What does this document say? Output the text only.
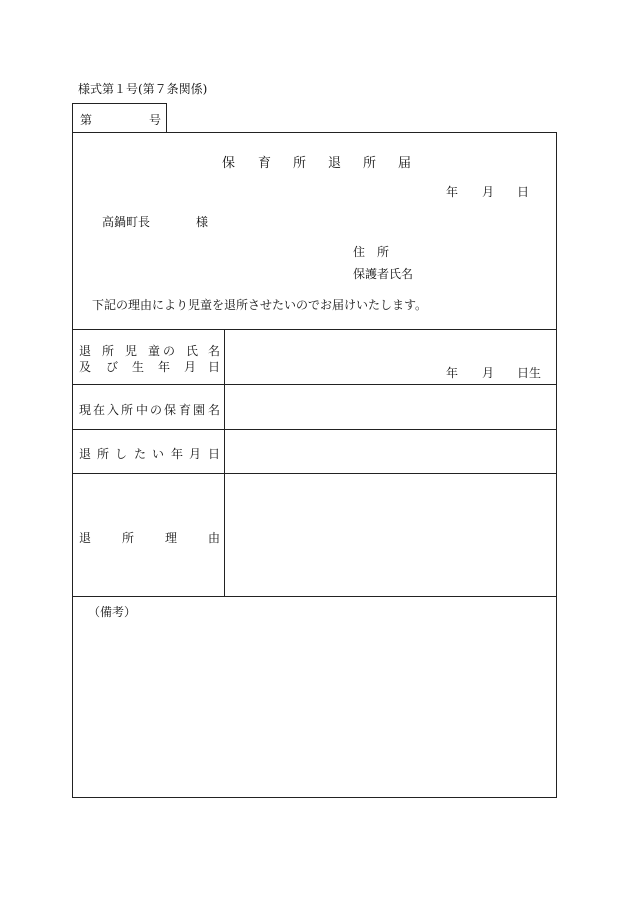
様式第１号(第７条関係)
第	号
保 育 所 退 所 届
年 月 日
高鍋町長	様
住　所
保護者氏名
下記の理由により児童を退所させたいのでお届けいたします。
退 所 児 童 の 氏 名
及 び 生 年 月 日	年 月 日生
現 在 入 所 中 の 保 育 園 名
退 所 し た い 年 月 日
退	所	理	由
（備考）
